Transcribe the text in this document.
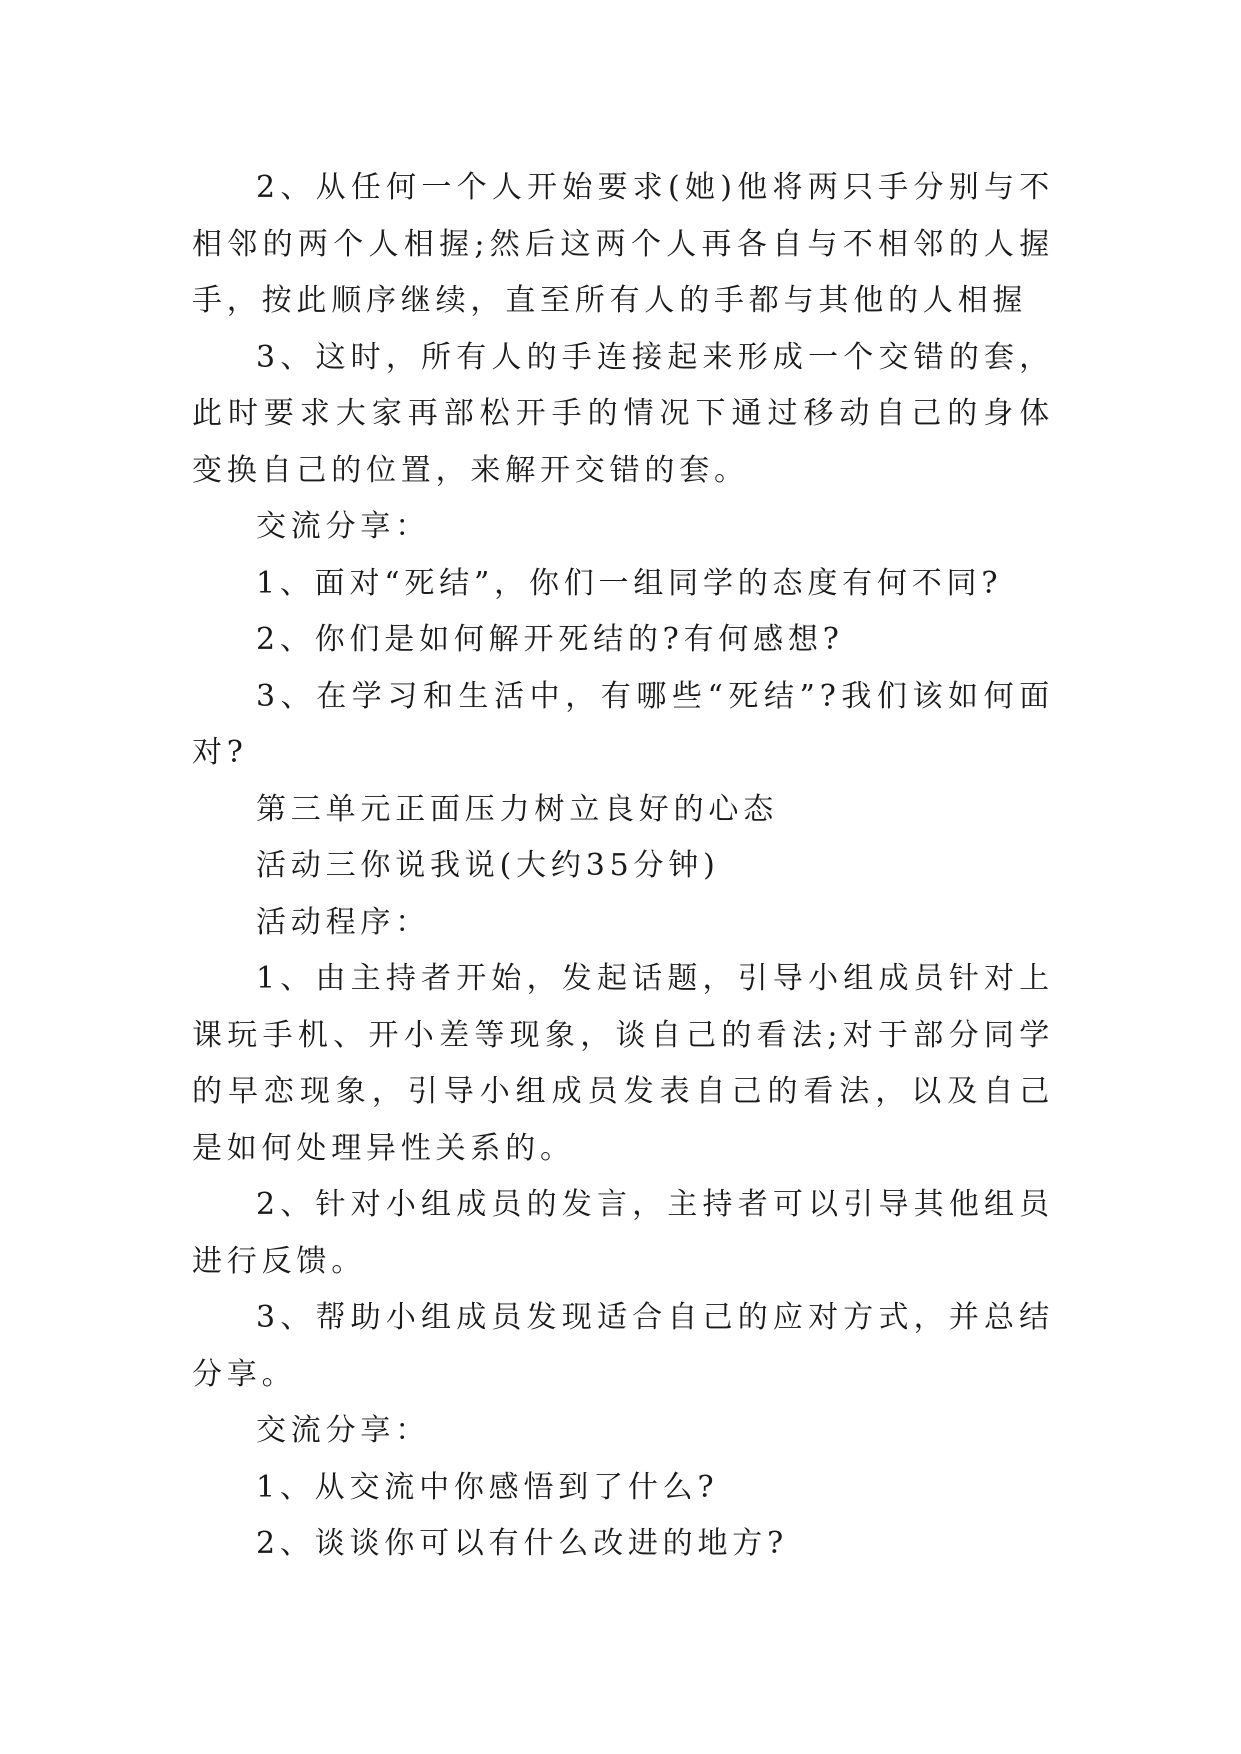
2、从任何一个人开始要求(她)他将两只手分别与不相邻的两个人相握;然后这两个人再各自与不相邻的人握手，按此顺序继续，直至所有人的手都与其他的人相握

3、这时，所有人的手连接起来形成一个交错的套，此时要求大家再部松开手的情况下通过移动自己的身体变换自己的位置，来解开交错的套。

交流分享：

1、面对“死结”，你们一组同学的态度有何不同?

2、你们是如何解开死结的?有何感想?

3、在学习和生活中，有哪些“死结”?我们该如何面对?

第三单元正面压力树立良好的心态

活动三你说我说(大约35分钟)

活动程序：

1、由主持者开始，发起话题，引导小组成员针对上课玩手机、开小差等现象，谈自己的看法;对于部分同学的早恋现象，引导小组成员发表自己的看法，以及自己是如何处理异性关系的。

2、针对小组成员的发言，主持者可以引导其他组员进行反馈。

3、帮助小组成员发现适合自己的应对方式，并总结分享。

交流分享：

1、从交流中你感悟到了什么?

2、谈谈你可以有什么改进的地方?
